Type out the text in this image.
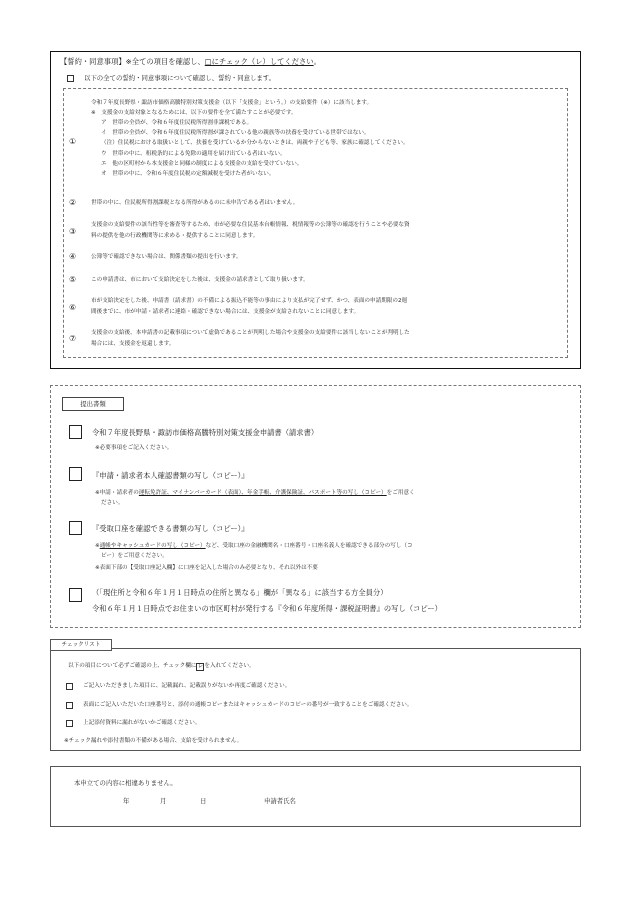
【誓約・同意事項】※全ての項目を確認し、□にチェック（レ）してください。
以下の全ての誓約・同意事項について確認し、誓約・同意します。
①
令和７年度長野県・諏訪市価格高騰特別対策支援金（以下「支援金」という。）の支給要件（※）に該当します。
※　支援金の支給対象となるためには、以下の要件を全て満たすことが必要です。
ア　世帯の全員が、令和６年度住民税所得割非課税である。
イ　世帯の全員が、令和６年度住民税所得割が課されている他の親族等の扶養を受けている世帯ではない。
（注）住民税における取扱いとして、扶養を受けているか分からないときは、両親や子ども等、家族に確認してください。
ウ　世帯の中に、租税条約による免除の適用を届け出ている者はいない。
エ　他の区町村から本支援金と同様の制度による支援金の支給を受けていない。
オ　世帯の中に、令和６年度住民税の定額減税を受けた者がいない。
②	世帯の中に、住民税所得割課税となる所得があるのに未申告である者はいません。
③
支援金の支給要件の該当性等を審査等するため、市が必要な住民基本台帳情報、税情報等の公簿等の確認を行うことや必要な資
料の提供を他の行政機関等に求める・提供することに同意します。
④	公簿等で確認できない場合は、関係書類の提出を行います。
⑤	この申請書は、市において支給決定をした後は、支援金の請求書として取り扱います。
⑥
市が支給決定をした後、申請書（請求書）の不備による振込不能等の事由により支払が完了せず、かつ、表面の申請期限の2週
間後までに、市が申請・請求者に連絡・確認できない場合には、支援金が支給されないことに同意します。
⑦
支援金の支給後、本申請書の記載事項について虚偽であることが判明した場合や支援金の支給要件に該当しないことが判明した
場合には、支援金を返還します。
提出書類
令和７年度長野県・諏訪市価格高騰特別対策支援金申請書（請求書）
※必要事項をご記入ください。
『申請・請求者本人確認書類の写し（コピー）』
※申請・請求者の運転免許証、マイナンバーカード（表面）、年金手帳、介護保険証、パスポート等の写し（コピー）をご用意く
ださい。
『受取口座を確認できる書類の写し（コピー）』
※通帳やキャッシュカードの写し（コピー）など、受取口座の金融機関名・口座番号・口座名義人を確認できる部分の写し（コ
ピー）をご用意ください。
※表面下部の【受取口座記入欄】に口座を記入した場合のみ必要となり、それ以外は不要
（「現住所と令和６年１月１日時点の住所と異なる」欄が「異なる」に該当する方全員分）
令和６年１月１日時点でお住まいの市区町村が発行する『令和６年度所得・課税証明書』の写し（コピー）
チェックリスト
以下の項目について必ずご確認の上、チェック欄にレを入れてください。
ご記入いただきました項目に、記載漏れ、記載誤りがないか再度ご確認ください。
表面にご記入いただいた口座番号と、添付の通帳コピーまたはキャッシュカードのコピーの番号が一致することをご確認ください。
上記添付資料に漏れがないかご確認ください。
※チェック漏れや添付書類の不備がある場合、支給を受けられません。
本申立ての内容に相違ありません。
年	月	日	申請者氏名
